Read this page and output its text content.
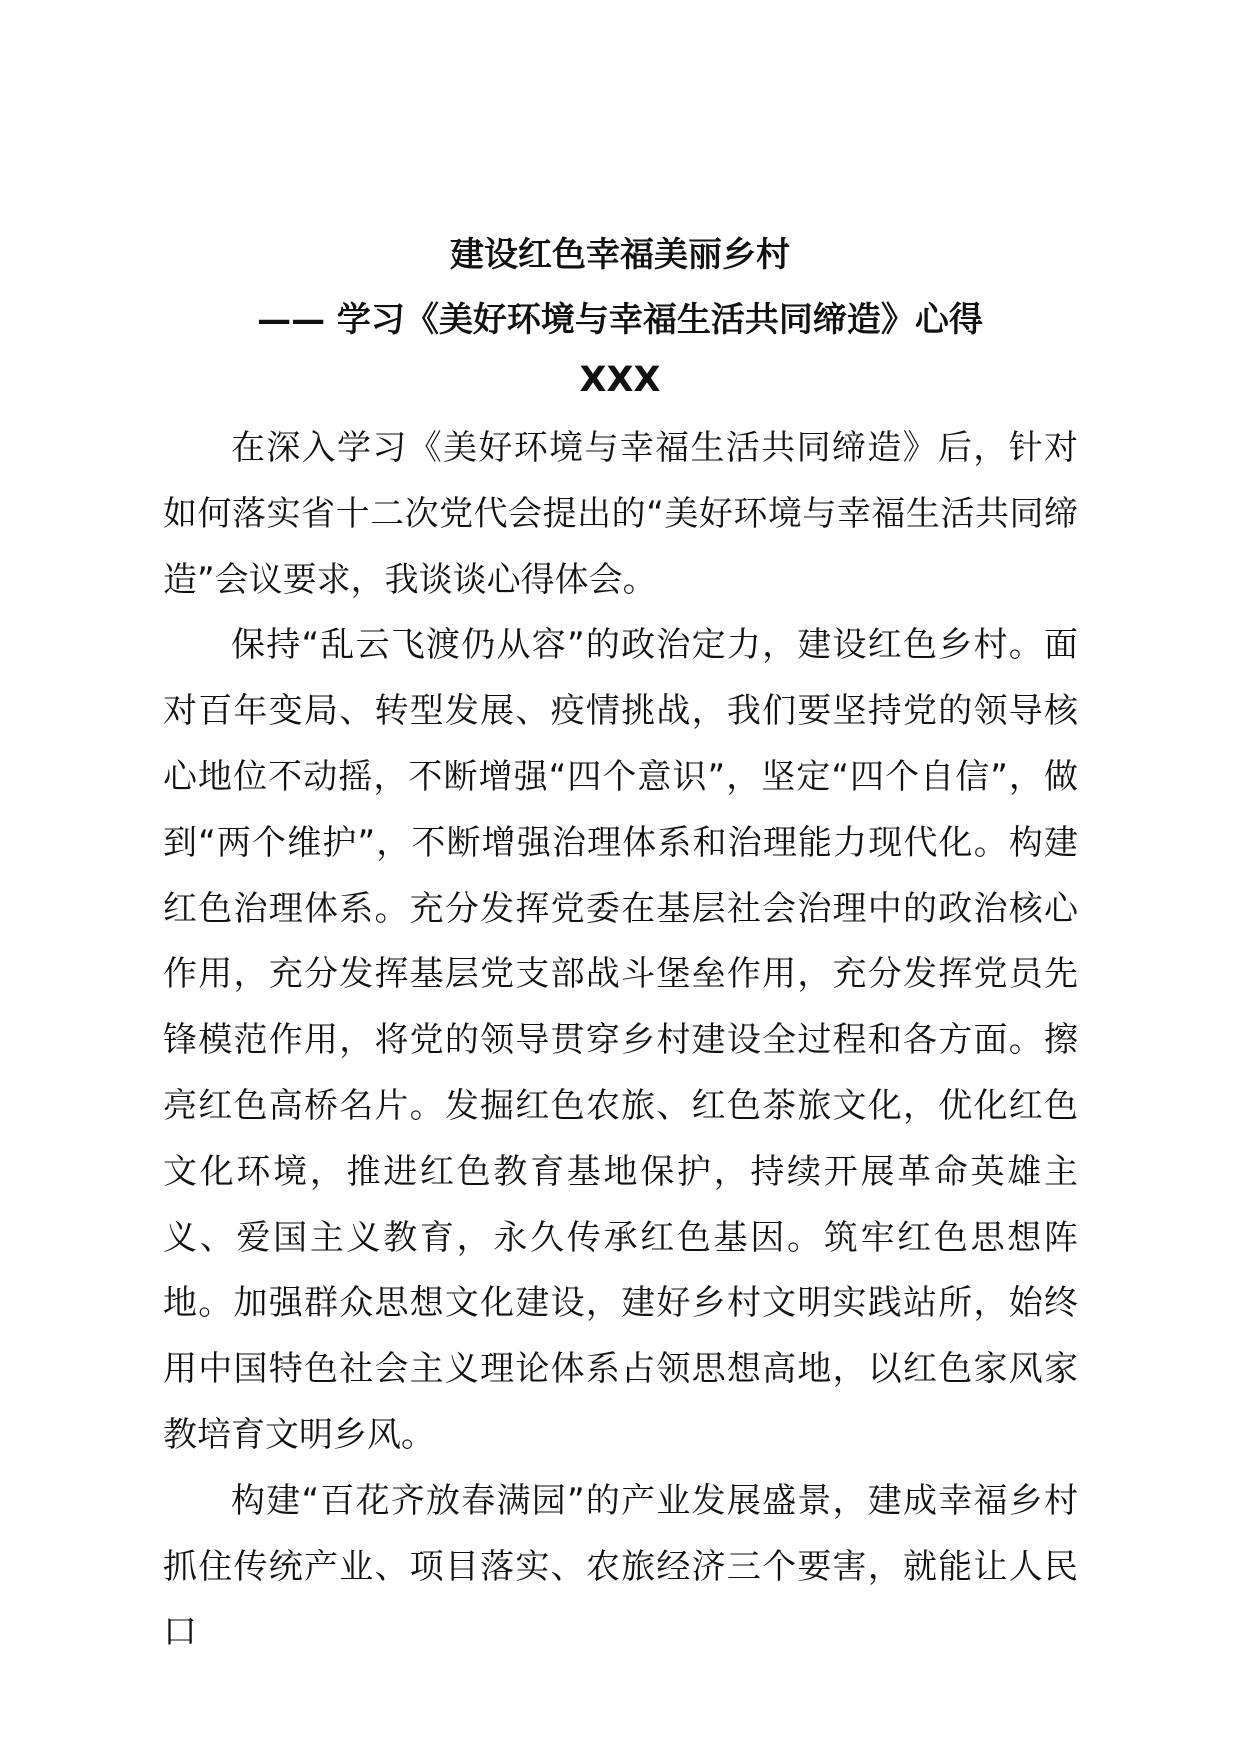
建设红色幸福美丽乡村
—— 学习《美好环境与幸福生活共同缔造》心得
XXX

在深入学习《美好环境与幸福生活共同缔造》后，针对如何落实省十二次党代会提出的“美好环境与幸福生活共同缔造”会议要求，我谈谈心得体会。

保持“乱云飞渡仍从容”的政治定力，建设红色乡村。面对百年变局、转型发展、疫情挑战，我们要坚持党的领导核心地位不动摇，不断增强“四个意识”，坚定“四个自信”，做到“两个维护”，不断增强治理体系和治理能力现代化。构建红色治理体系。充分发挥党委在基层社会治理中的政治核心作用，充分发挥基层党支部战斗堡垒作用，充分发挥党员先锋模范作用，将党的领导贯穿乡村建设全过程和各方面。擦亮红色高桥名片。发掘红色农旅、红色茶旅文化，优化红色文化环境，推进红色教育基地保护，持续开展革命英雄主义、爱国主义教育，永久传承红色基因。筑牢红色思想阵地。加强群众思想文化建设，建好乡村文明实践站所，始终用中国特色社会主义理论体系占领思想高地，以红色家风家教培育文明乡风。

构建“百花齐放春满园”的产业发展盛景，建成幸福乡村抓住传统产业、项目落实、农旅经济三个要害，就能让人民口
